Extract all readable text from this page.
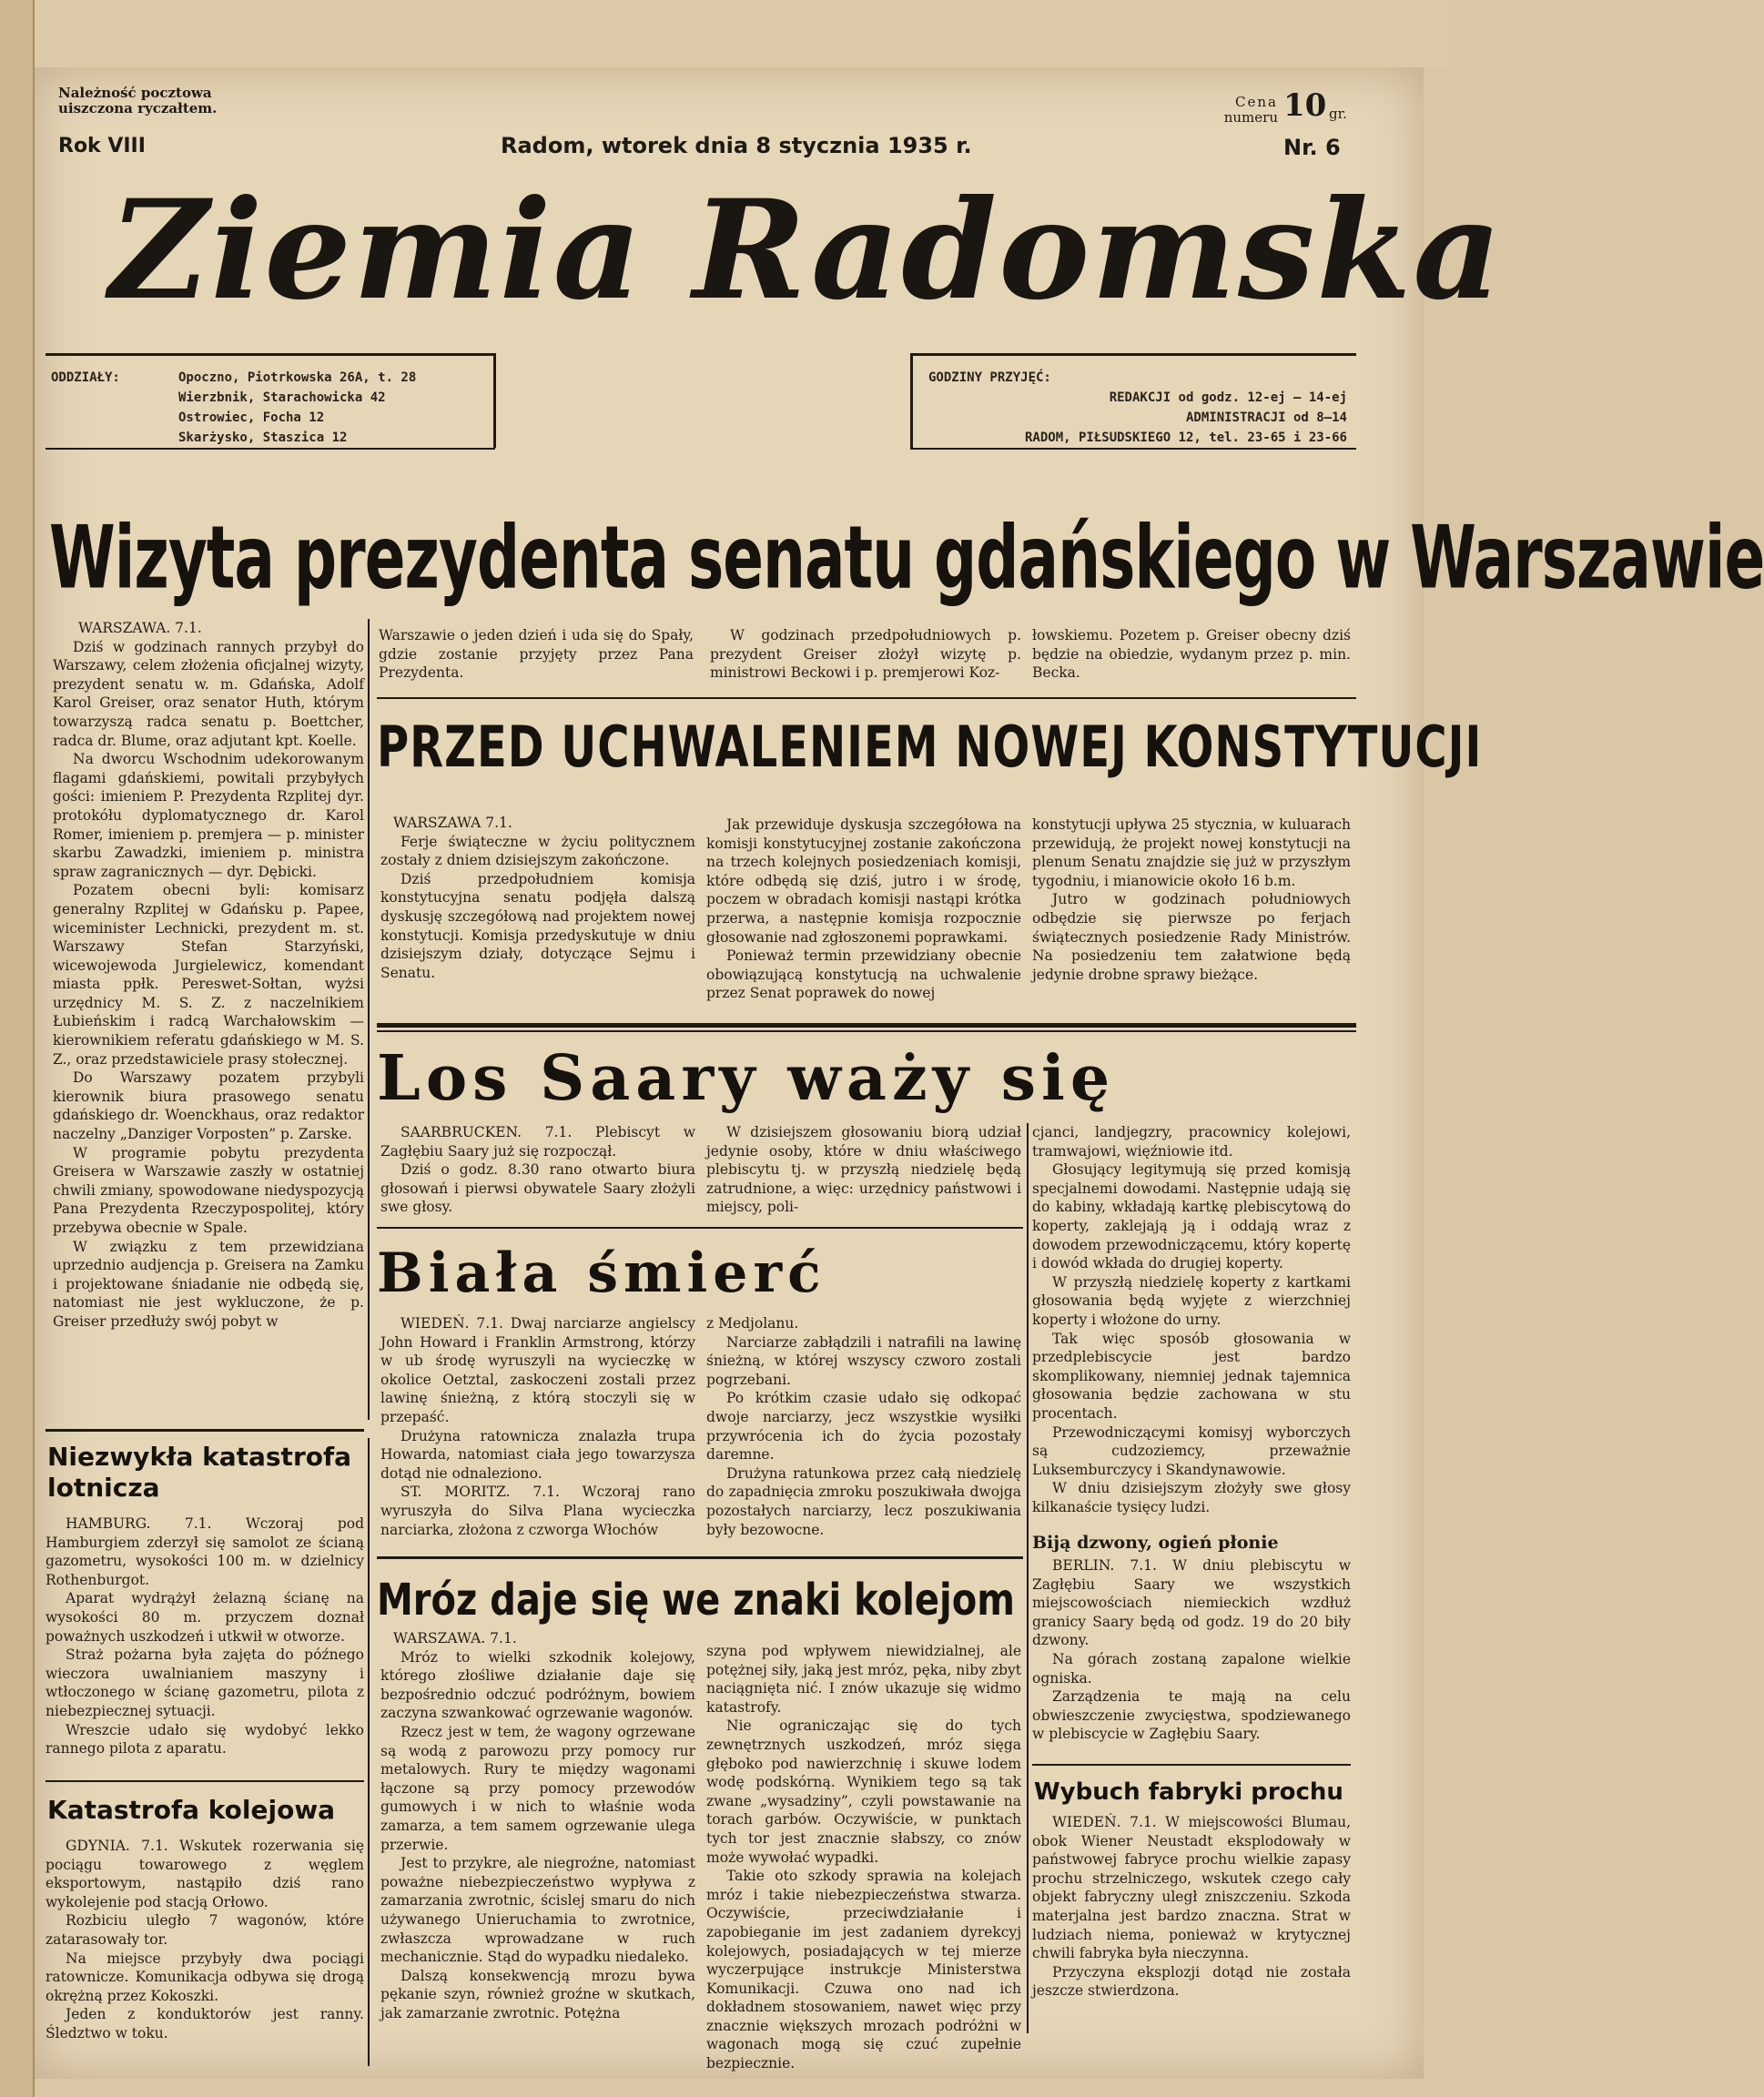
Należność pocztowa
uiszczona ryczałtem.
Rok VIII	Radom, wtorek dnia 8 stycznia 1935 r.
Cena
numeru 10 gr.
Nr. 6
Ziemia Radomska
ODDZIAŁY:	Opoczno, Piotrkowska 26A, t. 28
Wierzbnik, Starachowicka 42
Ostrowiec, Focha 12
Skarżysko, Staszica 12
GODZINY PRZYJĘĆ:
REDAKCJI od godz. 12-ej — 14-ej
ADMINISTRACJI od 8—14
RADOM, PIŁSUDSKIEGO 12, tel. 23-65 i 23-66
Wizyta prezydenta senatu gdańskiego w Warszawie

WARSZAWA. 7.1.

Dziś w godzinach rannych przybył do Warszawy, celem złożenia oficjalnej wizyty, prezydent senatu w. m. Gdańska, Adolf Karol Greiser, oraz senator Huth, którym towarzyszą radca senatu p. Boettcher, radca dr. Blume, oraz adjutant kpt. Koelle.

Na dworcu Wschodnim udekorowanym flagami gdańskiemi, powitali przybyłych gości: imieniem P. Prezydenta Rzplitej dyr. protokółu dyplomatycznego dr. Karol Romer, imieniem p. premjera — p. minister skarbu Zawadzki, imieniem p. ministra spraw zagranicznych — dyr. Dębicki.

Pozatem obecni byli: komisarz generalny Rzplitej w Gdańsku p. Papee, wiceminister Lechnicki, prezydent m. st. Warszawy Stefan Starzyński, wicewojewoda Jurgielewicz, komendant miasta ppłk. Pereswet-Sołtan, wyżsi urzędnicy M. S. Z. z naczelnikiem Łubieńskim i radcą Warchałowskim — kierownikiem referatu gdańskiego w M. S. Z., oraz przedstawiciele prasy stołecznej.

Do Warszawy pozatem przybyli kierownik biura prasowego senatu gdańskiego dr. Woenckhaus, oraz redaktor naczelny „Danziger Vorposten” p. Zarske.

W programie pobytu prezydenta Greisera w Warszawie zaszły w ostatniej chwili zmiany, spowodowane niedyspozycją Pana Prezydenta Rzeczypospolitej, który przebywa obecnie w Spale.

W związku z tem przewidziana uprzednio audjencja p. Greisera na Zamku i projektowane śniadanie nie odbędą się, natomiast nie jest wykluczone, że p. Greiser przedłuży swój pobyt w

Warszawie o jeden dzień i uda się do Spały, gdzie zostanie przyjęty przez Pana Prezydenta.

W godzinach przedpołudniowych p. prezydent Greiser złożył wizytę p. ministrowi Beckowi i p. premjerowi Koz-

łowskiemu. Pozetem p. Greiser obecny dziś będzie na obiedzie, wydanym przez p. min. Becka.

PRZED UCHWALENIEM NOWEJ KONSTYTUCJI

WARSZAWA 7.1.

Ferje świąteczne w życiu politycznem zostały z dniem dzisiejszym zakończone.

Dziś przedpołudniem komisja konstytucyjna senatu podjęła dalszą dyskusję szczegółową nad projektem nowej konstytucji. Komisja przedyskutuje w dniu dzisiejszym działy, dotyczące Sejmu i Senatu.

Jak przewiduje dyskusja szczegółowa na komisji konstytucyjnej zostanie zakończona na trzech kolejnych posiedzeniach komisji, które odbędą się dziś, jutro i w środę, poczem w obradach komisji nastąpi krótka przerwa, a następnie komisja rozpocznie głosowanie nad zgłoszonemi poprawkami.

Ponieważ termin przewidziany obecnie obowiązującą konstytucją na uchwalenie przez Senat poprawek do nowej

konstytucji upływa 25 stycznia, w kuluarach przewidują, że projekt nowej konstytucji na plenum Senatu znajdzie się już w przyszłym tygodniu, i mianowicie około 16 b.m.

Jutro w godzinach południowych odbędzie się pierwsze po ferjach świątecznych posiedzenie Rady Ministrów. Na posiedzeniu tem załatwione będą jedynie drobne sprawy bieżące.

Los Saary waży się

SAARBRUCKEN. 7.1. Plebiscyt w Zagłębiu Saary już się rozpoczął.

Dziś o godz. 8.30 rano otwarto biura głosowań i pierwsi obywatele Saary złożyli swe głosy.

W dzisiejszem głosowaniu biorą udział jedynie osoby, które w dniu właściwego plebiscytu tj. w przyszłą niedzielę będą zatrudnione, a więc: urzędnicy państwowi i miejscy, poli-

cjanci, landjegzry, pracownicy kolejowi, tramwajowi, więźniowie itd.

Głosujący legitymują się przed komisją specjalnemi dowodami. Następnie udają się do kabiny, wkładają kartkę plebiscytową do koperty, zaklejają ją i oddają wraz z dowodem przewodniczącemu, który kopertę i dowód wkłada do drugiej koperty.

W przyszłą niedzielę koperty z kartkami głosowania będą wyjęte z wierzchniej koperty i włożone do urny.

Tak więc sposób głosowania w przedplebiscycie jest bardzo skomplikowany, niemniej jednak tajemnica głosowania będzie zachowana w stu procentach.

Przewodniczącymi komisyj wyborczych są cudzoziemcy, przeważnie Luksemburczycy i Skandynawowie.

W dniu dzisiejszym złożyły swe głosy kilkanaście tysięcy ludzi.

Biją dzwony, ogień płonie

BERLIN. 7.1. W dniu plebiscytu w Zagłębiu Saary we wszystkich miejscowościach niemieckich wzdłuż granicy Saary będą od godz. 19 do 20 biły dzwony.

Na górach zostaną zapalone wielkie ogniska.

Zarządzenia te mają na celu obwieszczenie zwycięstwa, spodziewanego w plebiscycie w Zagłębiu Saary.

Biała śmierć

WIEDEŃ. 7.1. Dwaj narciarze angielscy John Howard i Franklin Armstrong, którzy w ub środę wyruszyli na wycieczkę w okolice Oetztal, zaskoczeni zostali przez lawinę śnieżną, z którą stoczyli się w przepaść.

Drużyna ratownicza znalazła trupa Howarda, natomiast ciała jego towarzysza dotąd nie odnaleziono.

ST. MORITZ. 7.1. Wczoraj rano wyruszyła do Silva Plana wycieczka narciarka, złożona z czworga Włochów

z Medjolanu.

Narciarze zabłądzili i natrafili na lawinę śnieżną, w której wszyscy czworo zostali pogrzebani.

Po krótkim czasie udało się odkopać dwoje narciarzy, jecz wszystkie wysiłki przywrócenia ich do życia pozostały daremne.

Drużyna ratunkowa przez całą niedzielę do zapadnięcia zmroku poszukiwała dwojga pozostałych narciarzy, lecz poszukiwania były bezowocne.

Niezwykła katastrofa lotnicza

HAMBURG. 7.1. Wczoraj pod Hamburgiem zderzył się samolot ze ścianą gazometru, wysokości 100 m. w dzielnicy Rothenburgot.

Aparat wydrążył żelazną ścianę na wysokości 80 m. przyczem doznał poważnych uszkodzeń i utkwił w otworze.

Straż pożarna była zajęta do późnego wieczora uwalnianiem maszyny i wtłoczonego w ścianę gazometru, pilota z niebezpiecznej sytuacji.

Wreszcie udało się wydobyć lekko rannego pilota z aparatu.

Katastrofa kolejowa

GDYNIA. 7.1. Wskutek rozerwania się pociągu towarowego z węglem eksportowym, nastąpiło dziś rano wykolejenie pod stacją Orłowo.

Rozbiciu uległo 7 wagonów, które zatarasowały tor.

Na miejsce przybyły dwa pociągi ratownicze. Komunikacja odbywa się drogą okrężną przez Kokoszki.

Jeden z konduktorów jest ranny. Śledztwo w toku.

Mróz daje się we znaki kolejom

WARSZAWA. 7.1.

Mróz to wielki szkodnik kolejowy, którego złośliwe działanie daje się bezpośrednio odczuć podróżnym, bowiem zaczyna szwankować ogrzewanie wagonów.

Rzecz jest w tem, że wagony ogrzewane są wodą z parowozu przy pomocy rur metalowych. Rury te między wagonami łączone są przy pomocy przewodów gumowych i w nich to właśnie woda zamarza, a tem samem ogrzewanie ulega przerwie.

Jest to przykre, ale niegroźne, natomiast poważne niebezpieczeństwo wypływa z zamarzania zwrotnic, ścislej smaru do nich używanego Unieruchamia to zwrotnice, zwłaszcza wprowadzane w ruch mechanicznie. Stąd do wypadku niedaleko.

Dalszą konsekwencją mrozu bywa pękanie szyn, również groźne w skutkach, jak zamarzanie zwrotnic. Potężna

szyna pod wpływem niewidzialnej, ale potężnej siły, jaką jest mróz, pęka, niby zbyt naciągnięta nić. I znów ukazuje się widmo katastrofy.

Nie ograniczając się do tych zewnętrznych uszkodzeń, mróz sięga głęboko pod nawierzchnię i skuwe lodem wodę podskórną. Wynikiem tego są tak zwane „wysadziny”, czyli powstawanie na torach garbów. Oczywiście, w punktach tych tor jest znacznie słabszy, co znów może wywołać wypadki.

Takie oto szkody sprawia na kolejach mróz i takie niebezpieczeństwa stwarza. Oczywiście, przeciwdziałanie i zapobieganie im jest zadaniem dyrekcyj kolejowych, posiadających w tej mierze wyczerpujące instrukcje Ministerstwa Komunikacji. Czuwa ono nad ich dokładnem stosowaniem, nawet więc przy znacznie większych mrozach podróżni w wagonach mogą się czuć zupełnie bezpiecznie.

Wybuch fabryki prochu

WIEDEŃ. 7.1. W miejscowości Blumau, obok Wiener Neustadt eksplodowały w państwowej fabryce prochu wielkie zapasy prochu strzelniczego, wskutek czego cały objekt fabryczny uległ zniszczeniu. Szkoda materjalna jest bardzo znaczna. Strat w ludziach niema, ponieważ w krytycznej chwili fabryka była nieczynna.

Przyczyna eksplozji dotąd nie została jeszcze stwierdzona.
